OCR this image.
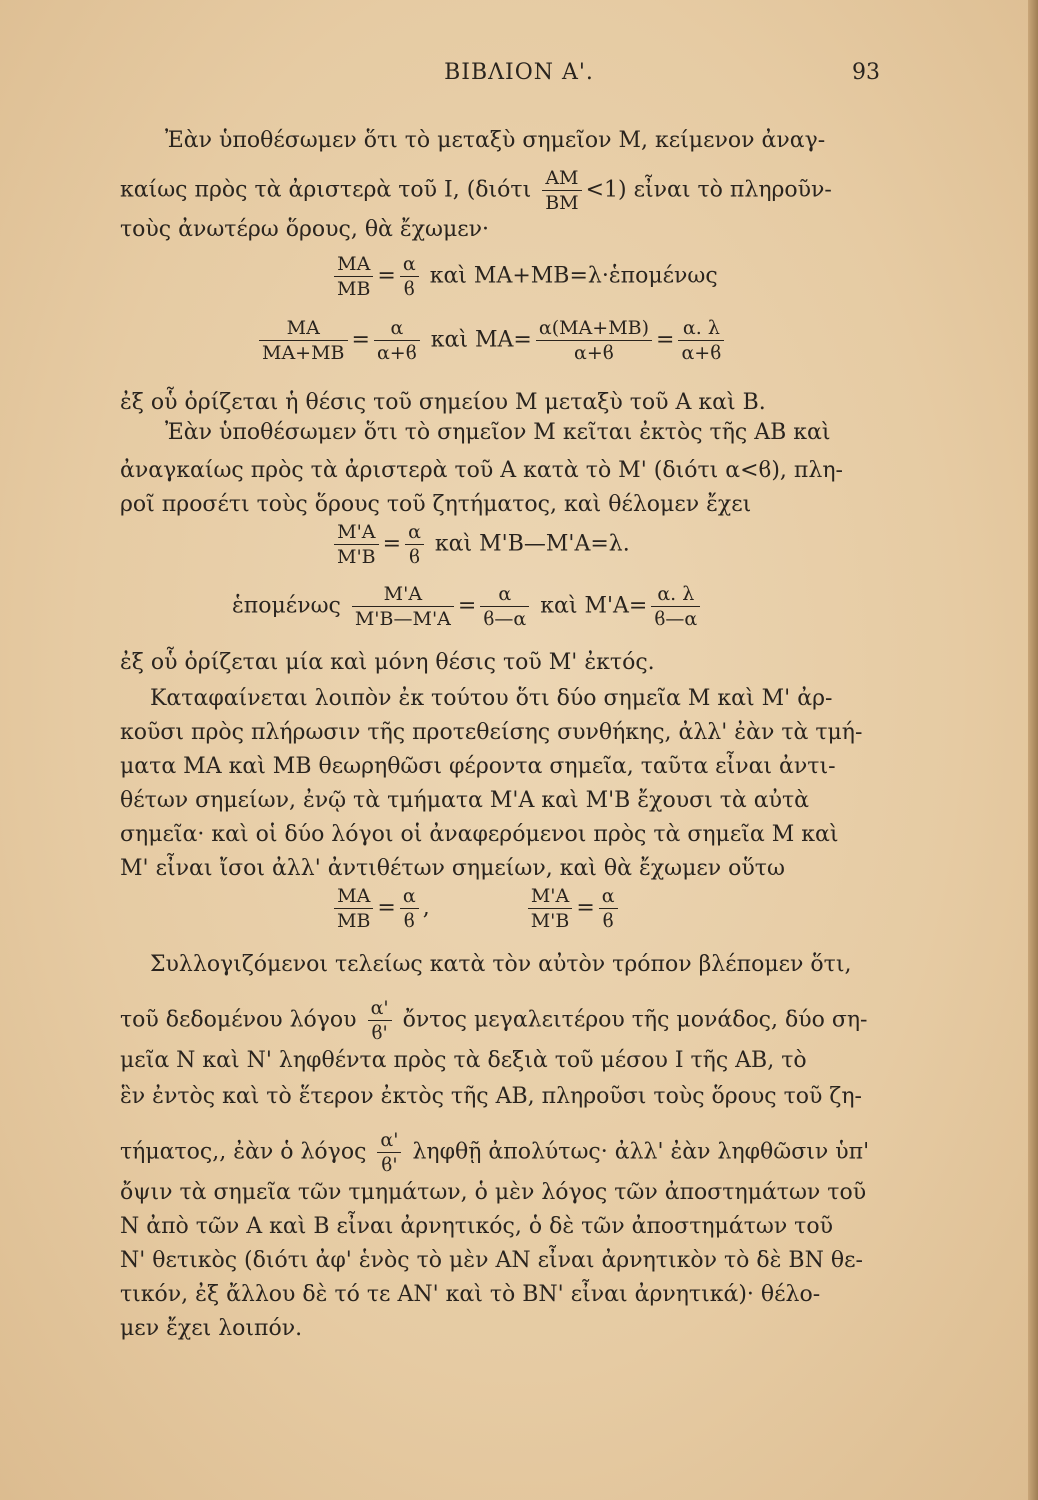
ΒΙΒΛΙΟΝ Α'.	93
Ἐὰν ὑποθέσωμεν ὅτι τὸ μεταξὺ σημεῖον Μ, κείμενον ἀναγ-
καίως πρὸς τὰ ἀριστερὰ τοῦ Ι, $(\delta\iota ό\tau\iota \frac{AM}{BM} <1)$ εἶναι τὸ πληροῦν-
τοὺς ἀνωτέρω ὅρους, θὰ ἔχωμεν·
$\frac{MA}{MB} = \frac{\alpha}{ϐ}$ καὶ ΜΑ+ΜΒ=λ·ἑπομένως
$\frac{MA}{MA+MB} = \frac{\alpha}{\alpha+ϐ}$ καὶ $MA= \frac{\alpha(MA+MB)}{\alpha+ϐ} = \frac{\alpha. \lambda}{\alpha+ϐ}$
ἐξ οὗ ὁρίζεται ἡ θέσις τοῦ σημείου Μ μεταξὺ τοῦ Α καὶ Β.
Ἐὰν ὑποθέσωμεν ὅτι τὸ σημεῖον Μ κεῖται ἐκτὸς τῆς ΑΒ καὶ
ἀναγκαίως πρὸς τὰ ἀριστερὰ τοῦ Α κατὰ τὸ Μ' (διότι α<ϐ), πλη-
ροῖ προσέτι τοὺς ὅρους τοῦ ζητήματος, καὶ θέλομεν ἔχει
$\frac{M'A}{M'B} = \frac{\alpha}{ϐ}$ καὶ Μ'Β—Μ'Α=λ.
ἑπομένως $\frac{M'A}{M'B—M'A} = \frac{\alpha}{ϐ—\alpha}$ καὶ $M'A= \frac{\alpha. \lambda}{ϐ—\alpha}$
ἐξ οὗ ὁρίζεται μία καὶ μόνη θέσις τοῦ Μ' ἐκτός.
Καταφαίνεται λοιπὸν ἐκ τούτου ὅτι δύο σημεῖα Μ καὶ Μ' ἀρ-
κοῦσι πρὸς πλήρωσιν τῆς προτεθείσης συνθήκης, ἀλλ' ἐὰν τὰ τμή-
ματα ΜΑ καὶ ΜΒ θεωρηθῶσι φέροντα σημεῖα, ταῦτα εἶναι ἀντι-
θέτων σημείων, ἐνῷ τὰ τμήματα Μ'Α καὶ Μ'Β ἔχουσι τὰ αὐτὰ
σημεῖα· καὶ οἱ δύο λόγοι οἱ ἀναφερόμενοι πρὸς τὰ σημεῖα Μ καὶ
Μ' εἶναι ἴσοι ἀλλ' ἀντιθέτων σημείων, καὶ θὰ ἔχωμεν οὕτω
$\frac{MA}{MB} = \frac{\alpha}{ϐ}$ ,	$\frac{M'A}{M'B} = \frac{\alpha}{ϐ}$
Συλλογιζόμενοι τελείως κατὰ τὸν αὐτὸν τρόπον βλέπομεν ὅτι,
τοῦ δεδομένου λόγου $\frac{\alpha'}{ϐ'}$ ὄντος μεγαλειτέρου τῆς μονάδος, δύο ση-
μεῖα Ν καὶ Ν' ληφθέντα πρὸς τὰ δεξιὰ τοῦ μέσου Ι τῆς ΑΒ, τὸ
ἓν ἐντὸς καὶ τὸ ἕτερον ἐκτὸς τῆς ΑΒ, πληροῦσι τοὺς ὅρους τοῦ ζη-
τήματος,, ἐὰν ὁ λόγος $\frac{\alpha'}{ϐ'}$ ληφθῇ ἀπολύτως· ἀλλ' ἐὰν ληφθῶσιν ὑπ'
ὄψιν τὰ σημεῖα τῶν τμημάτων, ὁ μὲν λόγος τῶν ἀποστημάτων τοῦ
Ν ἀπὸ τῶν Α καὶ Β εἶναι ἀρνητικός, ὁ δὲ τῶν ἀποστημάτων τοῦ
Ν' θετικὸς (διότι ἀφ' ἑνὸς τὸ μὲν ΑΝ εἶναι ἀρνητικὸν τὸ δὲ ΒΝ θε-
τικόν, ἐξ ἄλλου δὲ τό τε ΑΝ' καὶ τὸ ΒΝ' εἶναι ἀρνητικά)· θέλο-
μεν ἔχει λοιπόν.
